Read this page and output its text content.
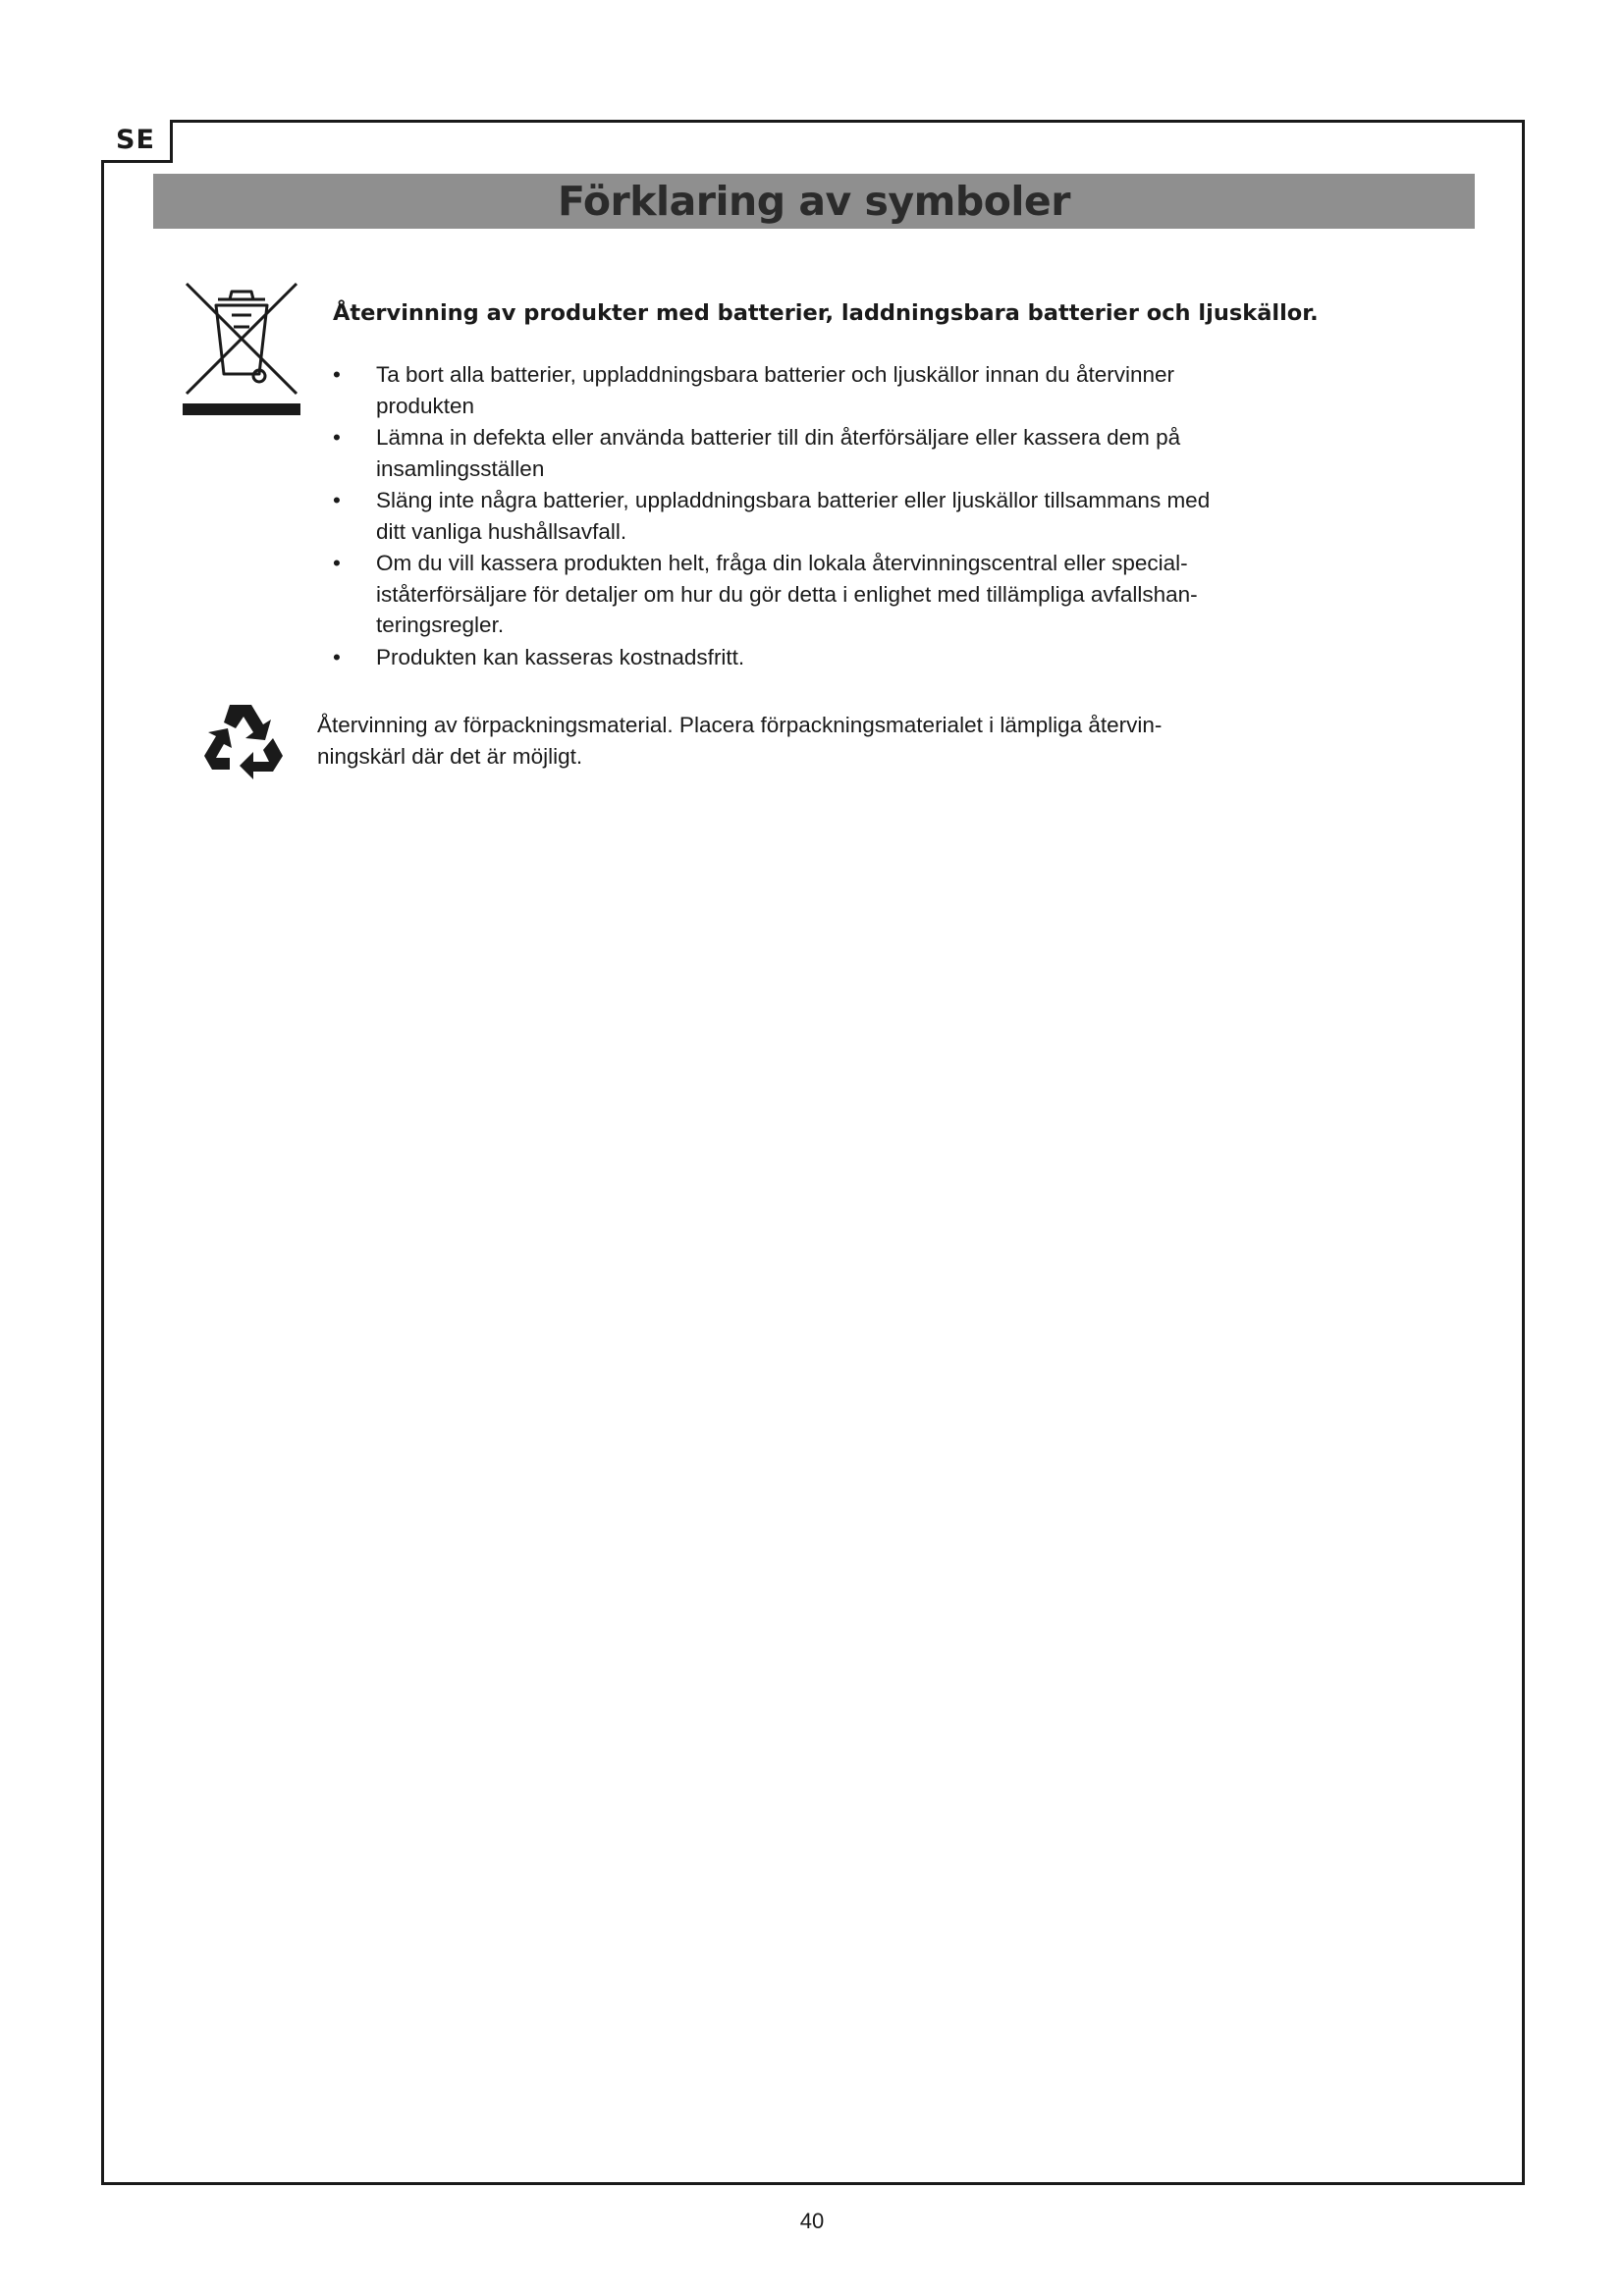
SE
Förklaring av symboler
Återvinning av produkter med batterier, laddningsbara batterier och ljuskällor.
•	Ta bort alla batterier, uppladdningsbara batterier och ljuskällor innan du återvinner
produkten
•	Lämna in defekta eller använda batterier till din återförsäljare eller kassera dem på
insamlingsställen
•	Släng inte några batterier, uppladdningsbara batterier eller ljuskällor tillsammans med
ditt vanliga hushållsavfall.
•	Om du vill kassera produkten helt, fråga din lokala återvinningscentral eller special-
iståterförsäljare för detaljer om hur du gör detta i enlighet med tillämpliga avfallshan-
teringsregler.
•	Produkten kan kasseras kostnadsfritt.
Återvinning av förpackningsmaterial. Placera förpackningsmaterialet i lämpliga återvin-
ningskärl där det är möjligt.
40
